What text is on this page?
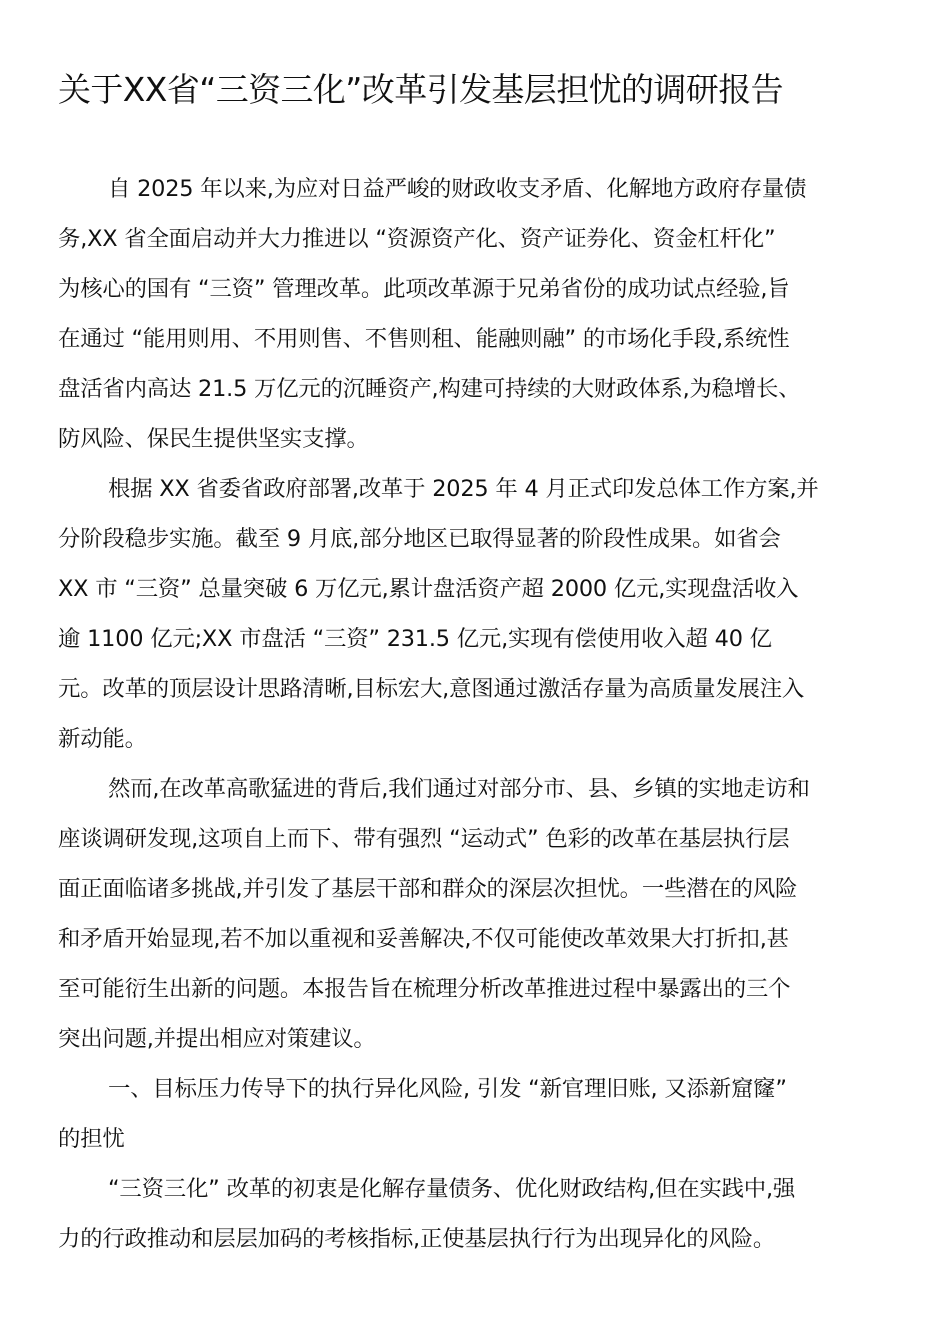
关于XX省“三资三化”改革引发基层担忧的调研报告
自 2025 年以来,为应对日益严峻的财政收支矛盾、化解地方政府存量债
务,XX 省全面启动并大力推进以 “资源资产化、资产证券化、资金杠杆化”
为核心的国有 “三资” 管理改革。此项改革源于兄弟省份的成功试点经验,旨
在通过 “能用则用、不用则售、不售则租、能融则融” 的市场化手段,系统性
盘活省内高达 21.5 万亿元的沉睡资产,构建可持续的大财政体系,为稳增长、
防风险、保民生提供坚实支撑。
根据 XX 省委省政府部署,改革于 2025 年 4 月正式印发总体工作方案,并
分阶段稳步实施。截至 9 月底,部分地区已取得显著的阶段性成果。如省会
XX 市 “三资” 总量突破 6 万亿元,累计盘活资产超 2000 亿元,实现盘活收入
逾 1100 亿元;XX 市盘活 “三资” 231.5 亿元,实现有偿使用收入超 40 亿
元。改革的顶层设计思路清晰,目标宏大,意图通过激活存量为高质量发展注入
新动能。
然而,在改革高歌猛进的背后,我们通过对部分市、县、乡镇的实地走访和
座谈调研发现,这项自上而下、带有强烈 “运动式” 色彩的改革在基层执行层
面正面临诸多挑战,并引发了基层干部和群众的深层次担忧。一些潜在的风险
和矛盾开始显现,若不加以重视和妥善解决,不仅可能使改革效果大打折扣,甚
至可能衍生出新的问题。本报告旨在梳理分析改革推进过程中暴露出的三个
突出问题,并提出相应对策建议。
一、目标压力传导下的执行异化风险, 引发 “新官理旧账, 又添新窟窿”
的担忧
“三资三化” 改革的初衷是化解存量债务、优化财政结构,但在实践中,强
力的行政推动和层层加码的考核指标,正使基层执行行为出现异化的风险。
